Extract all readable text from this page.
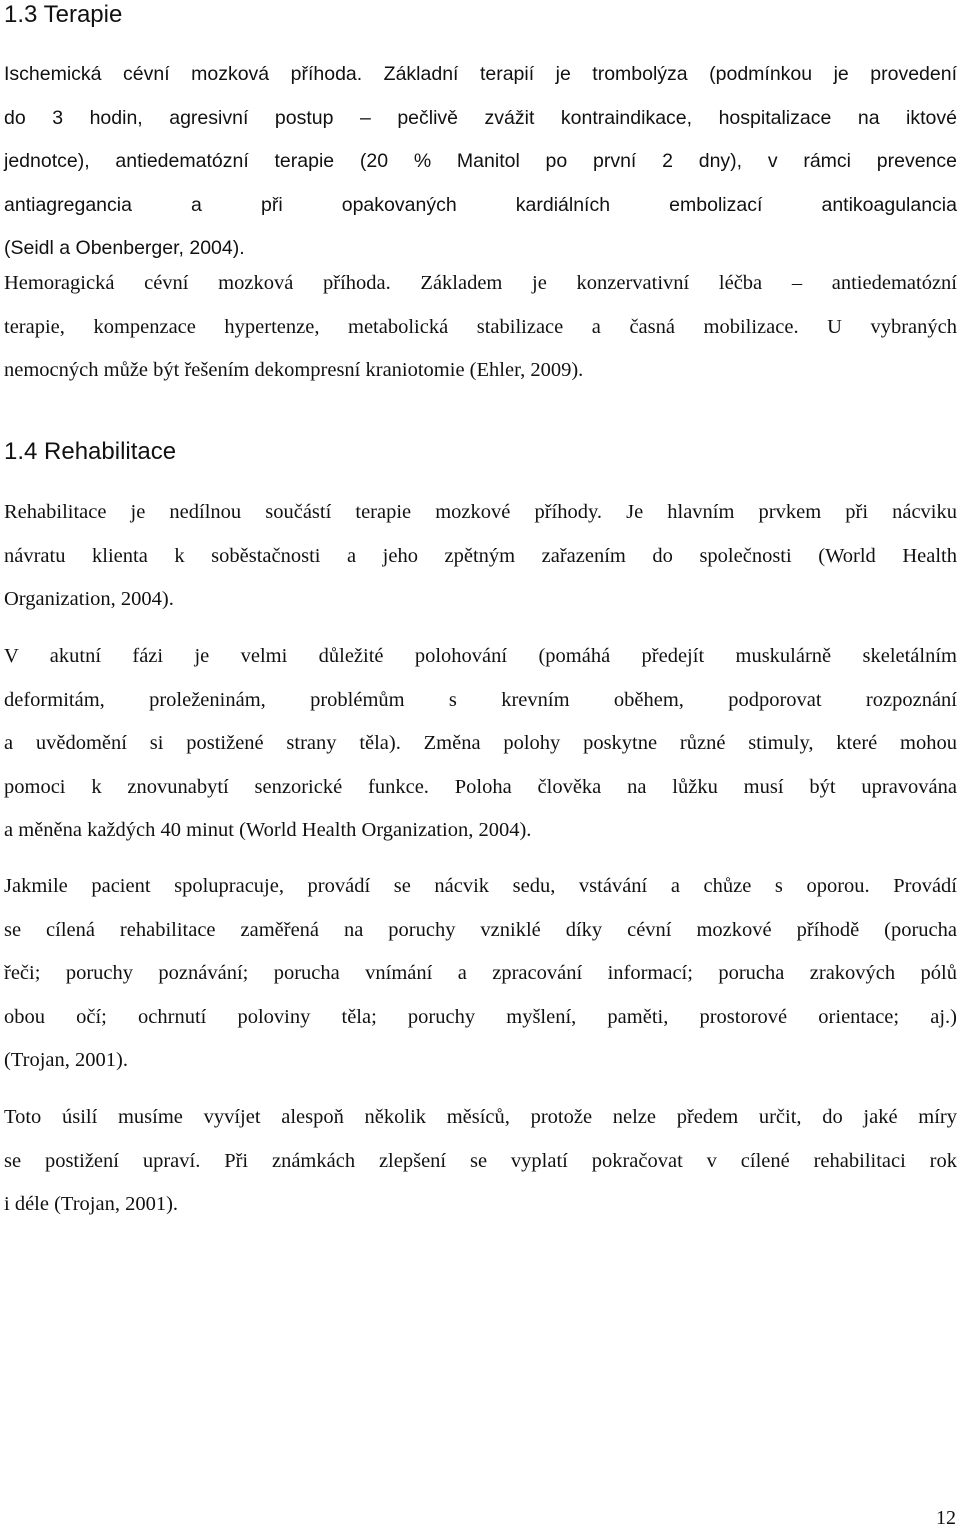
1.3 Terapie
Ischemická cévní mozková příhoda. Základní terapií je trombolýza (podmínkou je provedení
do 3 hodin, agresivní postup – pečlivě zvážit kontraindikace, hospitalizace na iktové
jednotce), antiedematózní terapie (20 % Manitol po první 2 dny), v rámci prevence
antiagregancia a při opakovaných kardiálních embolizací antikoagulancia
(Seidl a Obenberger, 2004).
Hemoragická cévní mozková příhoda. Základem je konzervativní léčba – antiedematózní
terapie, kompenzace hypertenze, metabolická stabilizace a časná mobilizace. U vybraných
nemocných může být řešením dekompresní kraniotomie (Ehler, 2009).
1.4 Rehabilitace
Rehabilitace je nedílnou součástí terapie mozkové příhody. Je hlavním prvkem při nácviku
návratu klienta k soběstačnosti a jeho zpětným zařazením do společnosti (World Health
Organization, 2004).
V akutní fázi je velmi důležité polohování (pomáhá předejít muskulárně skeletálním
deformitám, proleženinám, problémům s krevním oběhem, podporovat rozpoznání
a uvědomění si postižené strany těla). Změna polohy poskytne různé stimuly, které mohou
pomoci k znovunabytí senzorické funkce. Poloha člověka na lůžku musí být upravována
a měněna každých 40 minut (World Health Organization, 2004).
Jakmile pacient spolupracuje, provádí se nácvik sedu, vstávání a chůze s oporou. Provádí
se cílená rehabilitace zaměřená na poruchy vzniklé díky cévní mozkové příhodě (porucha
řeči; poruchy poznávání; porucha vnímání a zpracování informací; porucha zrakových pólů
obou očí; ochrnutí poloviny těla; poruchy myšlení, paměti, prostorové orientace; aj.)
(Trojan, 2001).
Toto úsilí musíme vyvíjet alespoň několik měsíců, protože nelze předem určit, do jaké míry
se postižení upraví. Při známkách zlepšení se vyplatí pokračovat v cílené rehabilitaci rok
i déle (Trojan, 2001).
12
